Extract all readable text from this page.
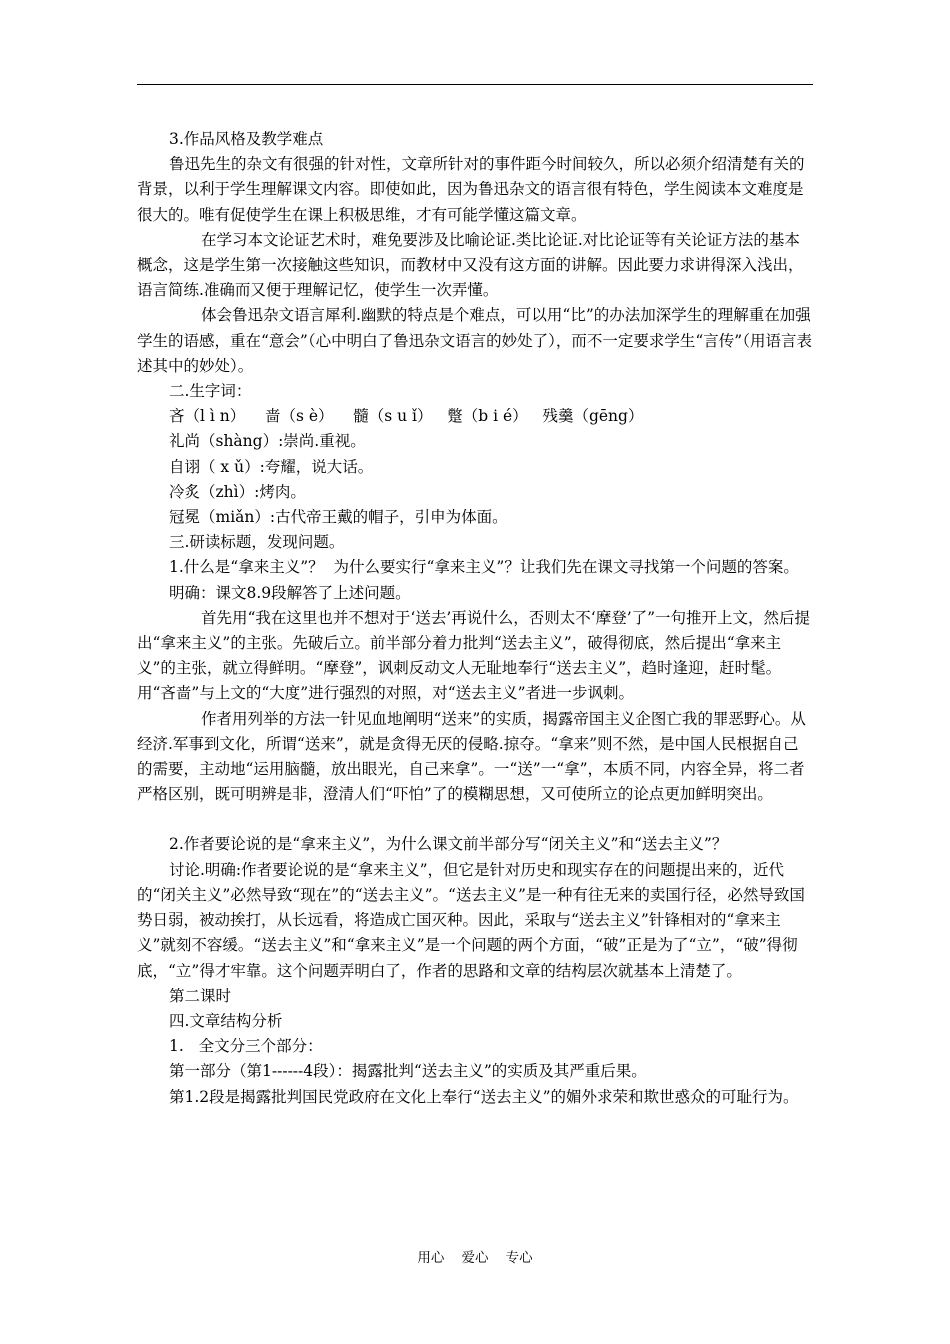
3.作品风格及教学难点

鲁迅先生的杂文有很强的针对性，文章所针对的事件距今时间较久，所以必须介绍清楚有关的背景，以利于学生理解课文内容。即使如此，因为鲁迅杂文的语言很有特色，学生阅读本文难度是很大的。唯有促使学生在课上积极思维，才有可能学懂这篇文章。

在学习本文论证艺术时，难免要涉及比喻论证.类比论证.对比论证等有关论证方法的基本概念，这是学生第一次接触这些知识，而教材中又没有这方面的讲解。因此要力求讲得深入浅出，语言简练.准确而又便于理解记忆，使学生一次弄懂。

体会鲁迅杂文语言犀利.幽默的特点是个难点，可以用“比”的办法加深学生的理解重在加强学生的语感，重在“意会”（心中明白了鲁迅杂文语言的妙处了），而不一定要求学生“言传”（用语言表述其中的妙处）。

二.生字词：

吝（l ì n）    啬（s è）    髓（s u ǐ）   蹩（b i é）   残羹（gēng）

礼尚（shàng）:崇尚.重视。

自诩（ x ǔ）:夸耀，说大话。

冷炙（zhì）:烤肉。

冠冕（miǎn）:古代帝王戴的帽子，引申为体面。

三.研读标题，发现问题。

1.什么是“拿来主义”？  为什么要实行“拿来主义”？让我们先在课文寻找第一个问题的答案。

明确：课文8.9段解答了上述问题。

首先用“我在这里也并不想对于‘送去’再说什么，否则太不‘摩登’了”一句推开上文，然后提出“拿来主义”的主张。先破后立。前半部分着力批判“送去主义”，破得彻底，然后提出“拿来主义”的主张，就立得鲜明。“摩登”，讽刺反动文人无耻地奉行“送去主义”，趋时逢迎，赶时髦。用“吝啬”与上文的“大度”进行强烈的对照，对“送去主义”者进一步讽刺。

作者用列举的方法一针见血地阐明“送来”的实质，揭露帝国主义企图亡我的罪恶野心。从经济.军事到文化，所谓“送来”，就是贪得无厌的侵略.掠夺。“拿来”则不然，是中国人民根据自己的需要，主动地“运用脑髓，放出眼光，自己来拿”。一“送”一“拿”，本质不同，内容全异，将二者严格区别，既可明辨是非，澄清人们“吓怕”了的模糊思想，又可使所立的论点更加鲜明突出。

2.作者要论说的是“拿来主义”，为什么课文前半部分写“闭关主义”和“送去主义”？

讨论.明确:作者要论说的是“拿来主义”，但它是针对历史和现实存在的问题提出来的，近代的“闭关主义”必然导致“现在”的“送去主义”。“送去主义”是一种有往无来的卖国行径，必然导致国势日弱，被动挨打，从长远看，将造成亡国灭种。因此，采取与“送去主义”针锋相对的“拿来主义”就刻不容缓。“送去主义”和“拿来主义”是一个问题的两个方面，“破”正是为了“立”，“破”得彻底，“立”得才牢靠。这个问题弄明白了，作者的思路和文章的结构层次就基本上清楚了。

第二课时

四.文章结构分析

1.   全文分三个部分：

第一部分（第1------4段）：揭露批判“送去主义”的实质及其严重后果。

第1.2段是揭露批判国民党政府在文化上奉行“送去主义”的媚外求荣和欺世惑众的可耻行为。

用心    爱心    专心
